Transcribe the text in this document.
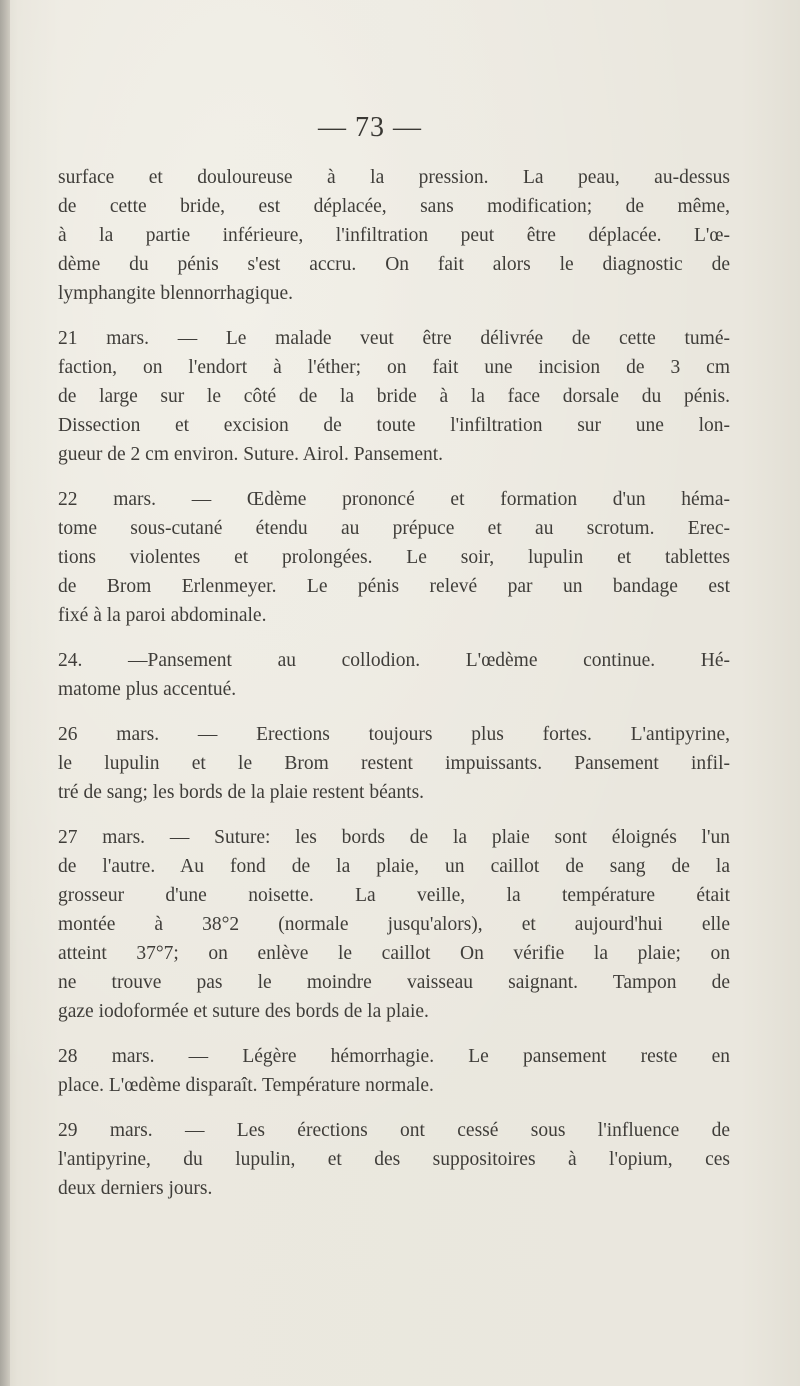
— 73 —

surface et douloureuse à la pression. La peau, au-dessus
de cette bride, est déplacée, sans modification; de même,
à la partie inférieure, l'infiltration peut être déplacée. L'œ-
dème du pénis s'est accru. On fait alors le diagnostic de
lymphangite blennorrhagique.

21 mars. — Le malade veut être délivrée de cette tumé-
faction, on l'endort à l'éther; on fait une incision de 3 cm
de large sur le côté de la bride à la face dorsale du pénis.
Dissection et excision de toute l'infiltration sur une lon-
gueur de 2 cm environ. Suture. Airol. Pansement.

22 mars. — Œdème prononcé et formation d'un héma-
tome sous-cutané étendu au prépuce et au scrotum. Erec-
tions violentes et prolongées. Le soir, lupulin et tablettes
de Brom Erlenmeyer. Le pénis relevé par un bandage est
fixé à la paroi abdominale.

24. —Pansement au collodion. L'œdème continue. Hé-
matome plus accentué.

26 mars. — Erections toujours plus fortes. L'antipyrine,
le lupulin et le Brom restent impuissants. Pansement infil-
tré de sang; les bords de la plaie restent béants.

27 mars. — Suture: les bords de la plaie sont éloignés l'un
de l'autre. Au fond de la plaie, un caillot de sang de la
grosseur d'une noisette. La veille, la température était
montée à 38°2 (normale jusqu'alors), et aujourd'hui elle
atteint 37°7; on enlève le caillot On vérifie la plaie; on
ne trouve pas le moindre vaisseau saignant. Tampon de
gaze iodoformée et suture des bords de la plaie.

28 mars. — Légère hémorrhagie. Le pansement reste en
place. L'œdème disparaît. Température normale.

29 mars. — Les érections ont cessé sous l'influence de
l'antipyrine, du lupulin, et des suppositoires à l'opium, ces
deux derniers jours.
